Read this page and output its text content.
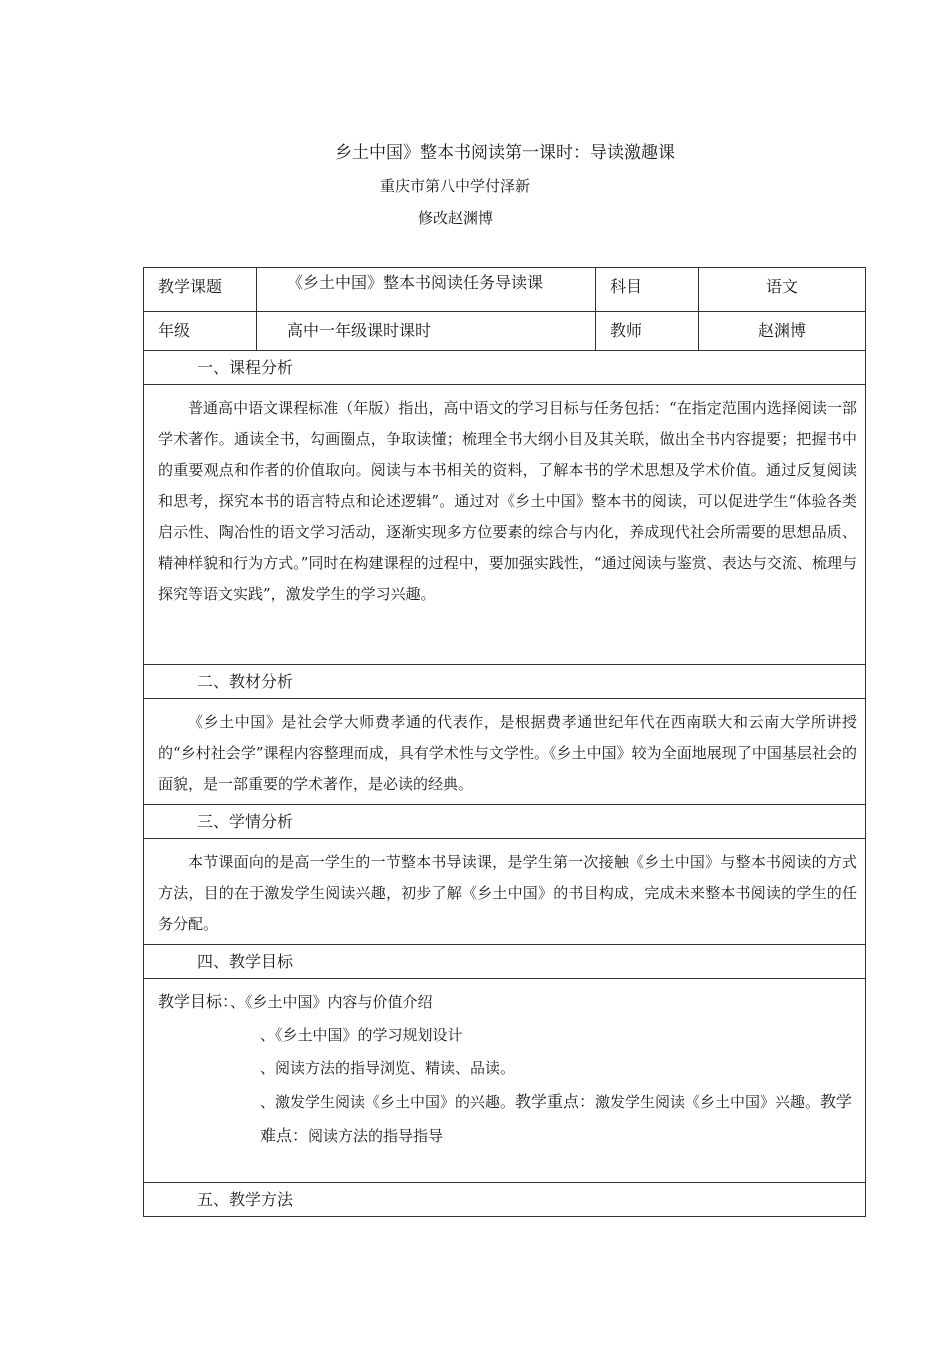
乡土中国》整本书阅读第一课时：导读激趣课
重庆市第八中学付泽新
修改赵渊博
教学课题	《乡土中国》整本书阅读任务导读课	科目	语文
年级	高中一年级课时课时	教师	赵渊博
一、课程分析			
普通高中语文课程标准（年版）指出，高中语文的学习目标与任务包括：“在指定范围内选择阅读一部学术著作。通读全书，勾画圈点，争取读懂；梳理全书大纲小目及其关联，做出全书内容提要；把握书中的重要观点和作者的价值取向。阅读与本书相关的资料，了解本书的学术思想及学术价值。通过反复阅读和思考，探究本书的语言特点和论述逻辑”。通过对《乡土中国》整本书的阅读，可以促进学生“体验各类启示性、陶冶性的语文学习活动，逐渐实现多方位要素的综合与内化，养成现代社会所需要的思想品质、精神样貌和行为方式。”同时在构建课程的过程中，要加强实践性，“通过阅读与鉴赏、表达与交流、梳理与探究等语文实践”，激发学生的学习兴趣。			
二、教材分析			
《乡土中国》是社会学大师费孝通的代表作，是根据费孝通世纪年代在西南联大和云南大学所讲授的“乡村社会学”课程内容整理而成，具有学术性与文学性。《乡土中国》较为全面地展现了中国基层社会的面貌，是一部重要的学术著作，是必读的经典。			
三、学情分析			
本节课面向的是高一学生的一节整本书导读课，是学生第一次接触《乡土中国》与整本书阅读的方式方法，目的在于激发学生阅读兴趣，初步了解《乡土中国》的书目构成，完成未来整本书阅读的学生的任务分配。			
四、教学目标			

教学目标：、《乡土中国》内容与价值介绍
、《乡土中国》的学习规划设计
、阅读方法的指导浏览、精读、品读。
、激发学生阅读《乡土中国》的兴趣。教学重点：激发学生阅读《乡土中国》兴趣。教学难点：阅读方法的指导指导			

五、教学方法			
